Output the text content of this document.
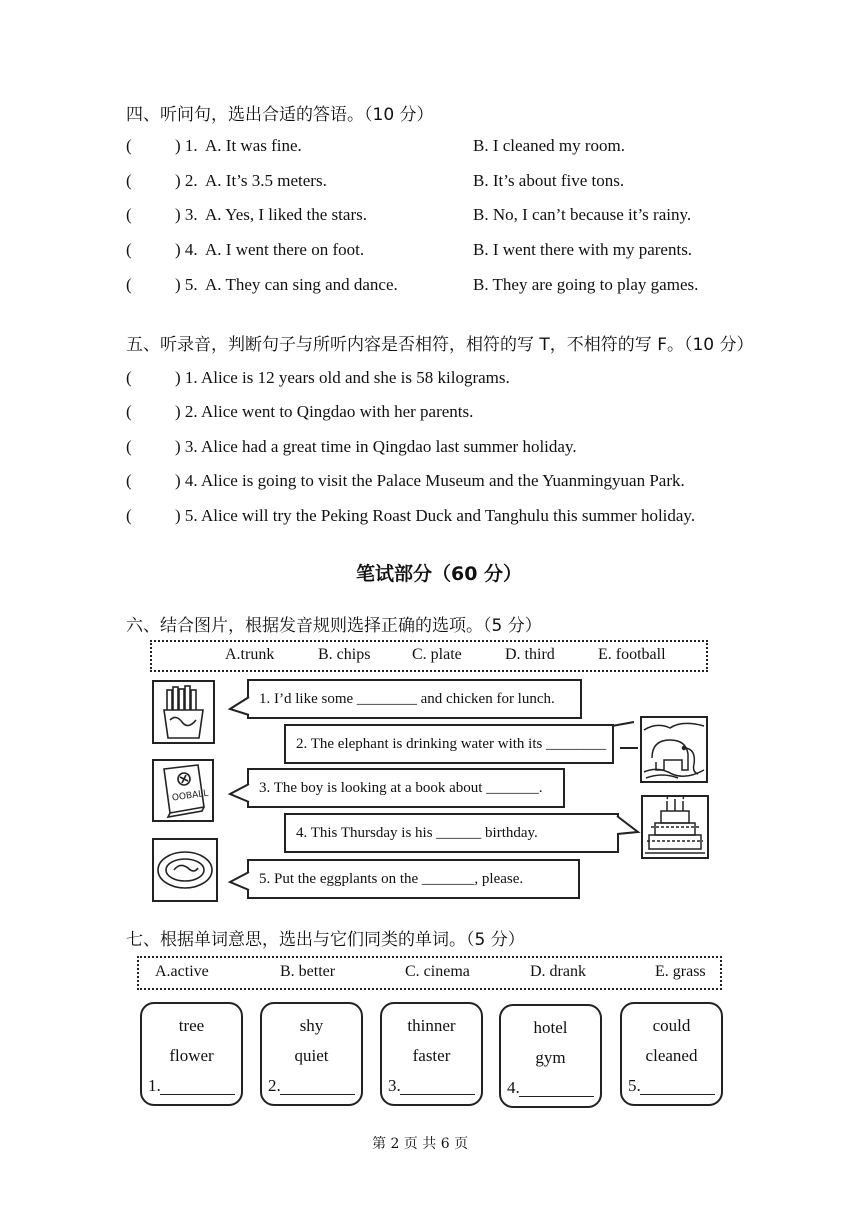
四、听问句，选出合适的答语。（10 分）
(	) 1. A. It was fine.	B. I cleaned my room.
(	) 2. A. It’s 3.5 meters.	B. It’s about five tons.
(	) 3. A. Yes, I liked the stars.	B. No, I can’t because it’s rainy.
(	) 4. A. I went there on foot.	B. I went there with my parents.
(	) 5. A. They can sing and dance.	B. They are going to play games.
五、听录音，判断句子与所听内容是否相符，相符的写 T，不相符的写 F。（10 分）
(	) 1. Alice is 12 years old and she is 58 kilograms.
(	) 2. Alice went to Qingdao with her parents.
(	) 3. Alice had a great time in Qingdao last summer holiday.
(	) 4. Alice is going to visit the Palace Museum and the Yuanmingyuan Park.
(	) 5. Alice will try the Peking Roast Duck and Tanghulu this summer holiday.
笔试部分（60 分）
六、结合图片，根据发音规则选择正确的选项。（5 分）
A.trunk	B. chips	C. plate	D. third	E. football
1. I’d like some ________ and chicken for lunch.
2. The elephant is drinking water with its ________
OOBALL
3. The boy is looking at a book about _______.
4. This Thursday is his ______ birthday.
5. Put the eggplants on the _______, please.
七、根据单词意思，选出与它们同类的单词。（5 分）
A.active	B. better	C. cinema	D. drank	E. grass
tree
flower
1.
shy
quiet
2.
thinner
faster
3.
hotel
gym
4.
could
cleaned
5.
第 2 页 共 6 页
